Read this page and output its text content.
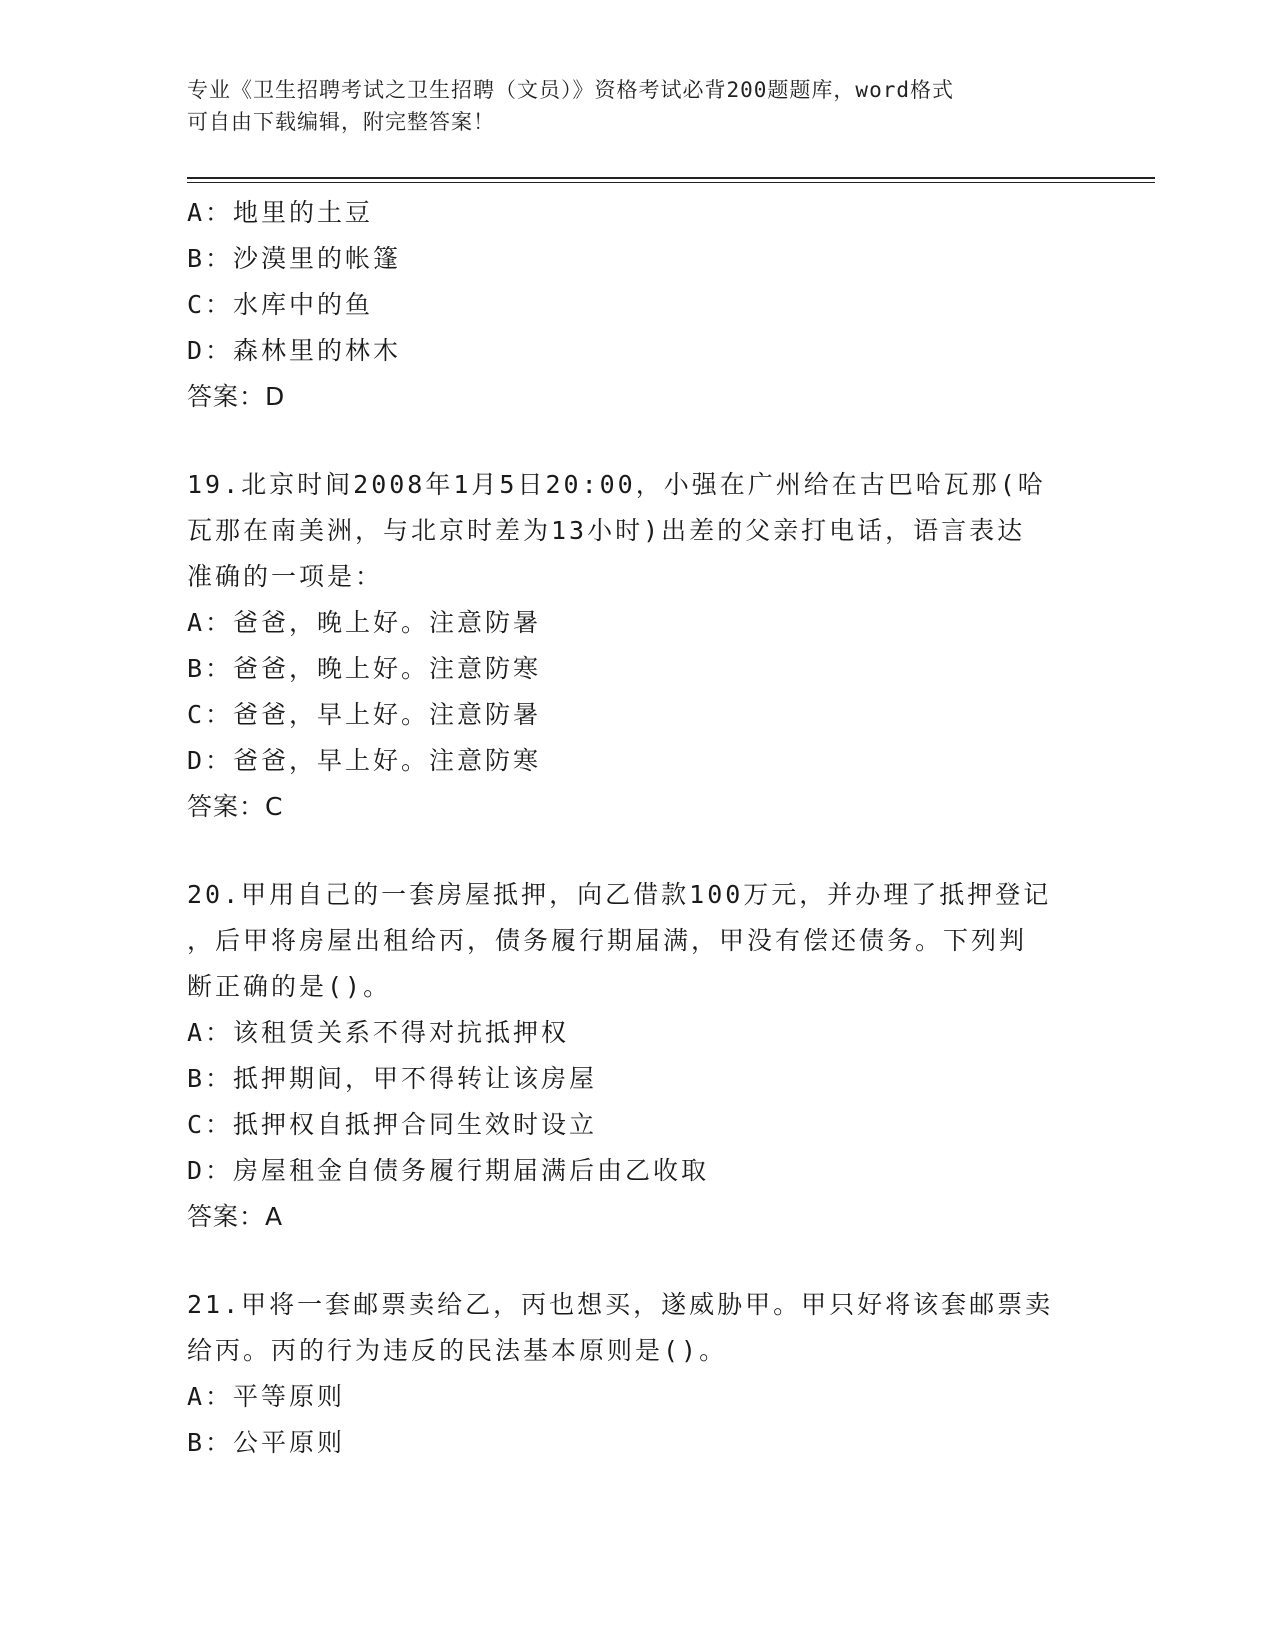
专业《卫生招聘考试之卫生招聘（文员）》资格考试必背200题题库，word格式
可自由下载编辑，附完整答案！
A：地里的土豆
B：沙漠里的帐篷
C：水库中的鱼
D：森林里的林木
答案：D
19.北京时间2008年1月5日20:00，小强在广州给在古巴哈瓦那(哈
瓦那在南美洲，与北京时差为13小时)出差的父亲打电话，语言表达
准确的一项是：
A：爸爸，晚上好。注意防暑
B：爸爸，晚上好。注意防寒
C：爸爸，早上好。注意防暑
D：爸爸，早上好。注意防寒
答案：C
20.甲用自己的一套房屋抵押，向乙借款100万元，并办理了抵押登记
，后甲将房屋出租给丙，债务履行期届满，甲没有偿还债务。下列判
断正确的是()。
A：该租赁关系不得对抗抵押权
B：抵押期间，甲不得转让该房屋
C：抵押权自抵押合同生效时设立
D：房屋租金自债务履行期届满后由乙收取
答案：A
21.甲将一套邮票卖给乙，丙也想买，遂威胁甲。甲只好将该套邮票卖
给丙。丙的行为违反的民法基本原则是()。
A：平等原则
B：公平原则
